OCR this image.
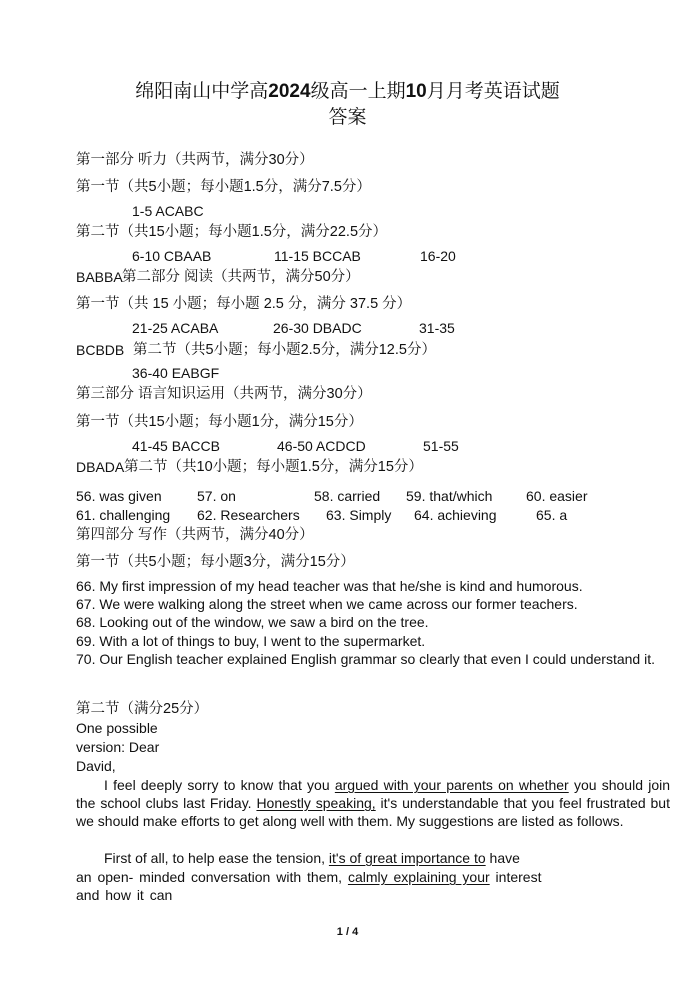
绵阳南山中学高2024级高一上期10月月考英语试题
答案
第一部分 听力（共两节，满分30分）
第一节（共5小题；每小题1.5分，满分7.5分）
1-5 ACABC
第二节（共15小题；每小题1.5分，满分22.5分）
6-10 CBAAB	11-15 BCCAB	16-20
BABBA 第二部分 阅读（共两节，满分50分）
第一节（共 15 小题；每小题 2.5 分，满分 37.5 分）
21-25 ACABA	26-30 DBADC	31-35
BCBDB 第二节（共5小题；每小题2.5分，满分12.5分）
36-40 EABGF
第三部分 语言知识运用（共两节，满分30分）
第一节（共15小题；每小题1分，满分15分）
41-45 BACCB	46-50 ACDCD	51-55
DBADA 第二节（共10小题；每小题1.5分，满分15分）
56. was given	57. on	58. carried 59. that/which 60. easier
61. challenging 62. Researchers 63. Simply 64. achieving	65. a
第四部分 写作（共两节，满分40分）
第一节（共5小题；每小题3分，满分15分）
66. My first impression of my head teacher was that he/she is kind and humorous.
67. We were walking along the street when we came across our former teachers.
68. Looking out of the window, we saw a bird on the tree.
69. With a lot of things to buy, I went to the supermarket.
70. Our English teacher explained English grammar so clearly that even I could understand it.
第二节（满分25分）
One possible
version: Dear
David,
I feel deeply sorry to know that you argued with your parents on whether you should join the school clubs last Friday. Honestly speaking, it's understandable that you feel frustrated but we should make efforts to get along well with them. My suggestions are listed as follows.
First of all, to help ease the tension, it's of great importance to have
an open- minded conversation with them, calmly explaining your interest
and how it can
1 / 4
